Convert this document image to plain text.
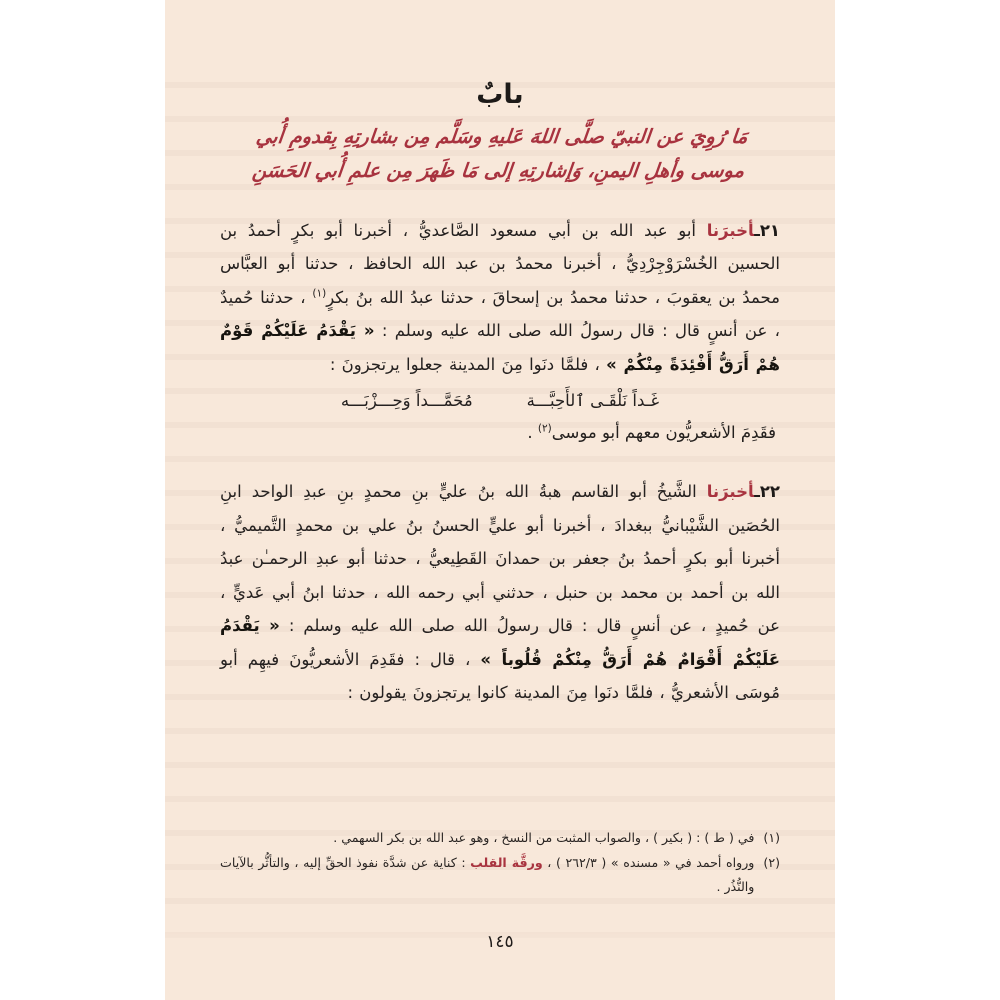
بابٌ
مَا رُوِيَ عن النبيّ صلَّى اللهَ عَليهِ وسَلَّم مِن بشارتِهِ بِقدومِ أُبي
موسى وأهلِ اليمنِ، وَإشارتِهِ إلى مَا ظَهرَ مِن علمِ أُبي الحَسَنِ
٢١ـأخبرَنا أبو عبد الله بن أبي مسعود الصَّاعديُّ ، أخبرنا أبو بكرٍ أحمدُ بن الحسين الخُسْرَوْجِرْدِيُّ ، أخبرنا محمدُ بن عبد الله الحافظ ، حدثنا أبو العبَّاس محمدُ بن يعقوبَ ، حدثنا محمدُ بن إسحاقَ ، حدثنا عبدُ الله بنُ بكرٍ$^{(١)}$ ، حدثنا حُميدٌ ، عن أنسٍ قال : قال رسولُ الله صلى الله عليه وسلم : « يَقْدَمُ عَلَيْكُمْ قَوْمٌ هُمْ أَرَقُّ أَفْئِدَةً مِنْكُمْ » ، فلمَّا دنَوا مِنَ المدينة جعلوا يرتجزونَ :
غَـداً نَلْقَـى ٱلأَحِبَّـــة
مُحَمَّـــداً وَحِـــزْبَـــه
فقَدِمَ الأشعريُّون معهم أبو موسى$^{(٢)}$ .
٢٢ـأخبرَنا الشَّيخُ أبو القاسم هبةُ الله بنُ عليٍّ بنِ محمدٍ بنِ عبدِ الواحد ابنِ الحُصَين الشَّيْبانيُّ ببغدادَ ، أخبرنا أبو عليٍّ الحسنُ بنُ علي بن محمدٍ التَّميميُّ ، أخبرنا أبو بكرٍ أحمدُ بنُ جعفر بن حمدانَ القَطِيعيُّ ، حدثنا أبو عبدِ الرحمـٰن عبدُ الله بن أحمد بن محمد بن حنبل ، حدثني أبي رحمه الله ، حدثنا ابنُ أبي عَديٍّ ، عن حُميدٍ ، عن أنسٍ قال : قال رسولُ الله صلى الله عليه وسلم : « يَقْدَمُ عَلَيْكُمْ أَقْوَامٌ هُمْ أَرَقُّ مِنْكُمْ قُلُوباً » ، قال : فقَدِمَ الأشعريُّونَ فيهِم أبو مُوسَى الأشعريُّ ، فلمَّا دنَوا مِنَ المدينة كانوا يرتجزونَ يقولون :
(١)
في ( ط ) : ( بكير ) ، والصواب المثبت من النسخ ، وهو عبد الله بن بكر السهمي .
(٢)
ورواه أحمد في « مسنده » ( ٢٦٢/٣ ) ، ورقَّة القلب : كناية عن شدَّة نفوذ الحقِّ إليه ، والتأثُّر بالآيات والنُّذُر .
١٤٥
